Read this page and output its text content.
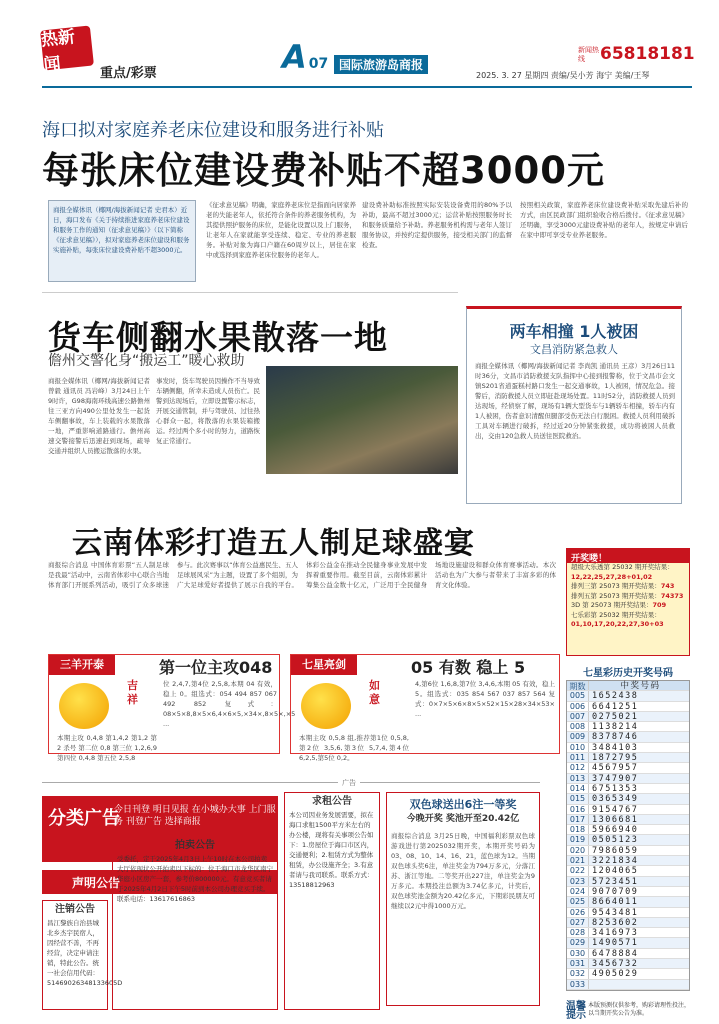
热新闻	重点/彩票	A 07 国际旅游岛商报
新闻热线 65818181
2025. 3. 27 星期四 责编/吴小芳 海宁 美编/王琴
海口拟对家庭养老床位建设和服务进行补贴
每张床位建设费补贴不超3000元
商报全媒体讯（椰网/海拔新闻记者 史君本）近日，海口发布《关于持续推进家庭养老床位建设和服务工作的通知（征求意见稿）》（以下简称《征求意见稿》），拟对家庭养老床位建设和服务实施补贴，每张床位建设费补贴不超3000元。
《征求意见稿》明确，家庭养老床位是指面向居家养老的失能老年人，依托符合条件的养老服务机构，为其提供照护服务的床位，是能化设置以及上门服务，让老年人在家就能享受连续、稳定、专业的养老服务。补贴对象为海口户籍在60周岁以上，居住在家中或选择到家庭养老床位服务的老年人。
建设费补助标准按照实际安装设备费用的80%予以补助，最高不超过3000元；运营补贴按照服务时长和服务质量给予补助。养老服务机构需与老年人签订服务协议，并按约定提供服务，接受相关部门的监督检查。
按照相关政策，家庭养老床位建设费补贴采取先建后补的方式，由区民政部门组织验收合格后拨付。《征求意见稿》还明确，享受3000元建设费补贴的老年人，按规定申请后在家中即可享受专业养老服务。
货车侧翻水果散落一地
儋州交警化身“搬运工”暖心救助
商报全媒体讯（椰网/海拔新闻记者 曾毅 通讯员 冯岩峰）3月24日上午9时许，G98海南环线高速公路儋州往三亚方向490公里处发生一起货车侧翻事故，车上装载的水果散落一地，严重影响道路通行。儋州高速交警接警后迅速赶到现场，疏导交通并组织人员搬运散落的水果。
事发时，货车驾驶员因操作不当导致车辆侧翻，所幸未造成人员伤亡。民警到达现场后，立即设置警示标志，开展交通管制，并与驾驶员、过往热心群众一起，将散落的水果装箱搬运。经过两个多小时的努力，道路恢复正常通行。
两车相撞 1人被困
文昌消防紧急救人
商报全媒体讯（椰网/海拔新闻记者 李尚凯 通讯员 王彦）3月26日11时36分，文昌市消防救援支队指挥中心接到报警称，位于文昌市会文镇S201省道蛋糕村路口发生一起交通事故，1人被困，情况危急。接警后，消防救援人员立即赶赴现场处置。11时52分，消防救援人员到达现场，经侦察了解，现场有1辆大型货车与1辆轿车相撞，轿车内有1人被困，伤者意识清醒但腿部受伤无法自行脱困。救援人员利用破拆工具对车辆进行破拆，经过近20分钟紧张救援，成功将被困人员救出，交由120急救人员送往医院救治。
云南体彩打造五人制足球盛宴
商报综合消息 中国体育彩票“五人制足球是我最”活动中，云南省体彩中心联合当地体育部门开展系列活动，吸引了众多球迷参与。此次赛事以“体育公益惠民生、五人足球展风采”为主题，设置了多个组别，为广大足球爱好者提供了展示自我的平台。体彩公益金在推动全民健身事业发展中发挥着重要作用。截至目前，云南体彩累计筹集公益金数十亿元，广泛用于全民健身场地设施建设和群众体育赛事活动。本次活动也为广大参与者带来了丰富多彩的体育文化体验。
三羊开泰	第一位主攻048
吉祥
本期主攻 0,4,8 第1,4,2 第1,2 第2 杀号 第二位 0,8 第三位 1,2,6,9 第四位 0,4,8 第五位 2,5,8
位 2,4,7,第4位 2,5,8,本期 04 有效，稳上 0。组选式：054 494 857 067 492 852 复式：08×5×8,8×5×6,4×6×5,×34×,8×5×,×5 ...
七星亮剑	05 有数 稳上 5
如意
本期主攻 0,5,8 组,推荐第1位 0,5,8,第2位 3,5,6,第3位 5,7,4,第4位 6,2,5,第5位 0,2。
4,第6位 1,6,8,第7位 3,4,6,本期 05 有效，稳上 5。组选式：035 854 567 037 857 564 复式：0×7×5×6×8×5×52×15×28×34×53× ...
广告
分类广告
今日刊登 明日见报 在小城办大事 上门服务 刊登广告 选择商报
声明公告
注销公告
昌江黎族自治县城北乡杰宇民宿人，因经营不善，不再经营，决定申请注销，特此公告。统一社会信用代码：51469026348133605D
拍卖公告
受委托，定于2025年4月3日上午10时在本公司拍卖大厅依现状公开拍卖以下标的：位于海口市龙华区南宁华庭小区房产一套，参考价800000元。有意竞买者请于2025年4月2日下午5时前到本公司办理竞买手续。联系电话：13617616863
求租公告
本公司因业务发展需要，拟在海口求租1500平方米左右的办公楼，现将有关事项公告如下：1.房屋位于海口市区内，交通便利；2.租赁方式为整体租赁，办公设施齐全；3.有意者请与我司联系。联系方式：13518812963
双色球送出6注一等奖
今晚开奖 奖池开至20.42亿
商报综合消息 3月25日晚，中国福利彩票双色球游戏进行第2025032期开奖，本期开奖号码为03、08、10、14、16、21，蓝色球为12。当期双色球头奖6注，单注奖金为794万多元，分落江苏、浙江等地。二等奖开出227注，单注奖金为9万多元。本期投注总额为3.74亿多元，计奖后，双色球奖池金额为20.42亿多元，下期彩民朋友可继续以2元中得1000万元。
开奖喽！
超级大乐透第 25032 期开奖结果：
12,22,25,27,28+01,02
排列三第 25073 期开奖结果：743
排列五第 25073 期开奖结果：74373
3D 第 25073 期开奖结果：709
七乐彩第 25032 期开奖结果：
01,10,17,20,22,27,30+03
七星彩历史开奖号码
期数	中奖号码
005 1652438
006 6641251
007 0275021
008 1138214
009 8378746
010 3484103
011 1872795
012 4567957
013 3747907
014 6751353
015 0365349
016 9154767
017 1306681
018 5966940
019 0505123
020 7986059
021 3221834
022 1204065
023 5723451
024 9070709
025 8664011
026 9543481
027 8253602
028 3416973
029 1490571
030 6478884
031 3456732
032 4905029
033
温馨提示
本版预测仅供参考，购彩请理性投注，以当期开奖公告为准。
